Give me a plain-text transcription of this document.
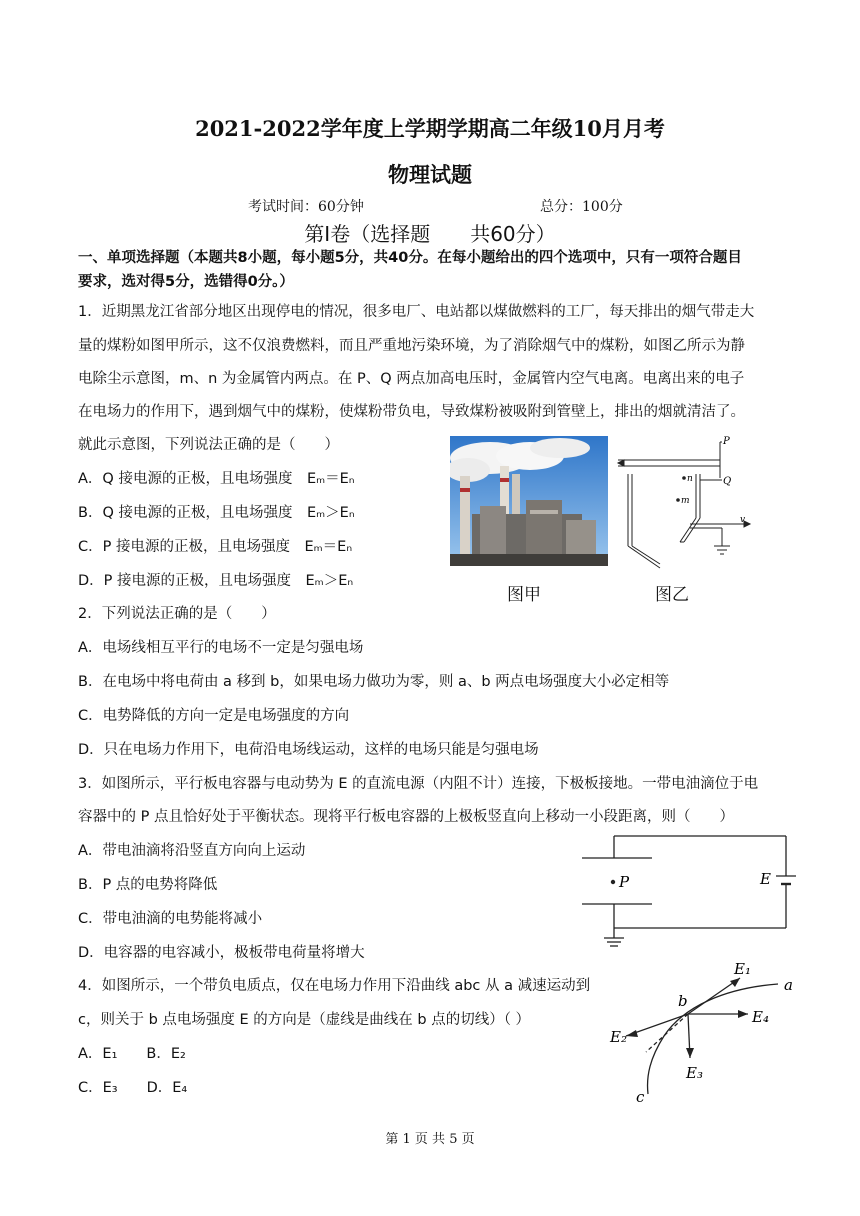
2021-2022学年度上学期学期高二年级10月月考
物理试题
考试时间：60分钟	总分：100分
第Ⅰ卷（选择题　　共60分）
一、单项选择题（本题共8小题，每小题5分，共40分。在每小题给出的四个选项中，只有一项符合题目
要求，选对得5分，选错得0分。）
1．近期黑龙江省部分地区出现停电的情况，很多电厂、电站都以煤做燃料的工厂，每天排出的烟气带走大
量的煤粉如图甲所示，这不仅浪费燃料，而且严重地污染环境，为了消除烟气中的煤粉，如图乙所示为静
电除尘示意图，m、n 为金属管内两点。在 P、Q 两点加高电压时，金属管内空气电离。电离出来的电子
在电场力的作用下，遇到烟气中的煤粉，使煤粉带负电，导致煤粉被吸附到管壁上，排出的烟就清洁了。
就此示意图，下列说法正确的是（　　）
A．Q 接电源的正极，且电场强度　Eₘ＝Eₙ
B．Q 接电源的正极，且电场强度　Eₘ＞Eₙ
C．P 接电源的正极，且电场强度　Eₘ＝Eₙ
D．P 接电源的正极，且电场强度　Eₘ＞Eₙ
图甲
P
Q
n
m
v
图乙
2．下列说法正确的是（　　）
A．电场线相互平行的电场不一定是匀强电场
B．在电场中将电荷由 a 移到 b，如果电场力做功为零，则 a、b 两点电场强度大小必定相等
C．电势降低的方向一定是电场强度的方向
D．只在电场力作用下，电荷沿电场线运动，这样的电场只能是匀强电场
3．如图所示，平行板电容器与电动势为 E 的直流电源（内阻不计）连接，下极板接地。一带电油滴位于电
容器中的 P 点且恰好处于平衡状态。现将平行板电容器的上极板竖直向上移动一小段距离，则（　　）
A．带电油滴将沿竖直方向向上运动
B．P 点的电势将降低
C．带电油滴的电势能将减小
D．电容器的电容减小，极板带电荷量将增大
P	E
4．如图所示，一个带负电质点，仅在电场力作用下沿曲线 abc 从 a 减速运动到
c，则关于 b 点电场强度 E 的方向是（虚线是曲线在 b 点的切线）（ ）
A．E₁　　B．E₂
C．E₃　　D．E₄
E₁
E₂
E₃
E₄
a
b
c
第 1 页 共 5 页
